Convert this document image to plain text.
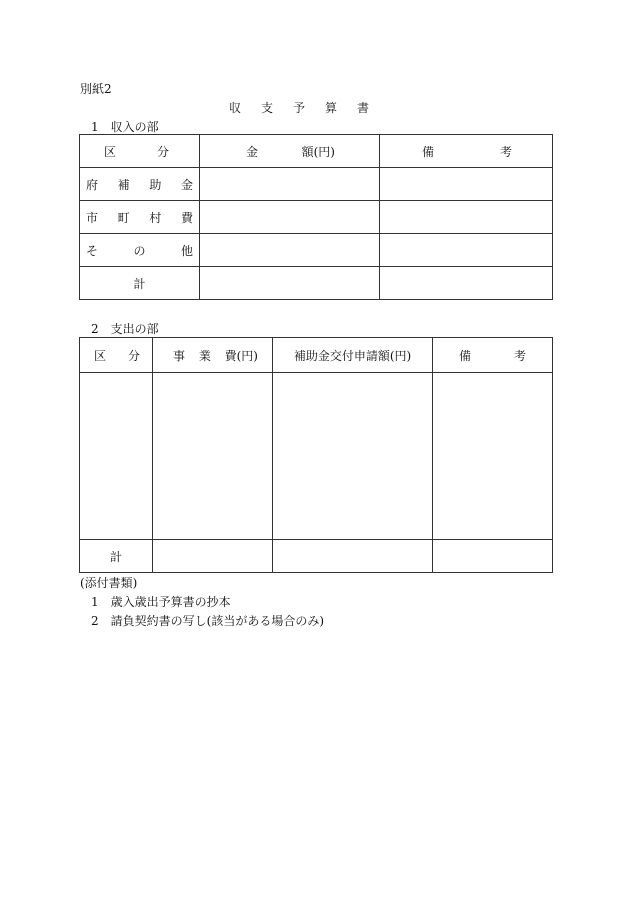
別紙2
収　支　予　算　書
1　収入の部
区 分	金 額(円)	備 考

府 補 助 金		

市 町 村 費		

そ の 他		

計		
2　支出の部
区 分	事 業 費(円)	補助金交付申請額(円)	備 考

計			
(添付書類)
1　歳入歳出予算書の抄本
2　請負契約書の写し(該当がある場合のみ)
